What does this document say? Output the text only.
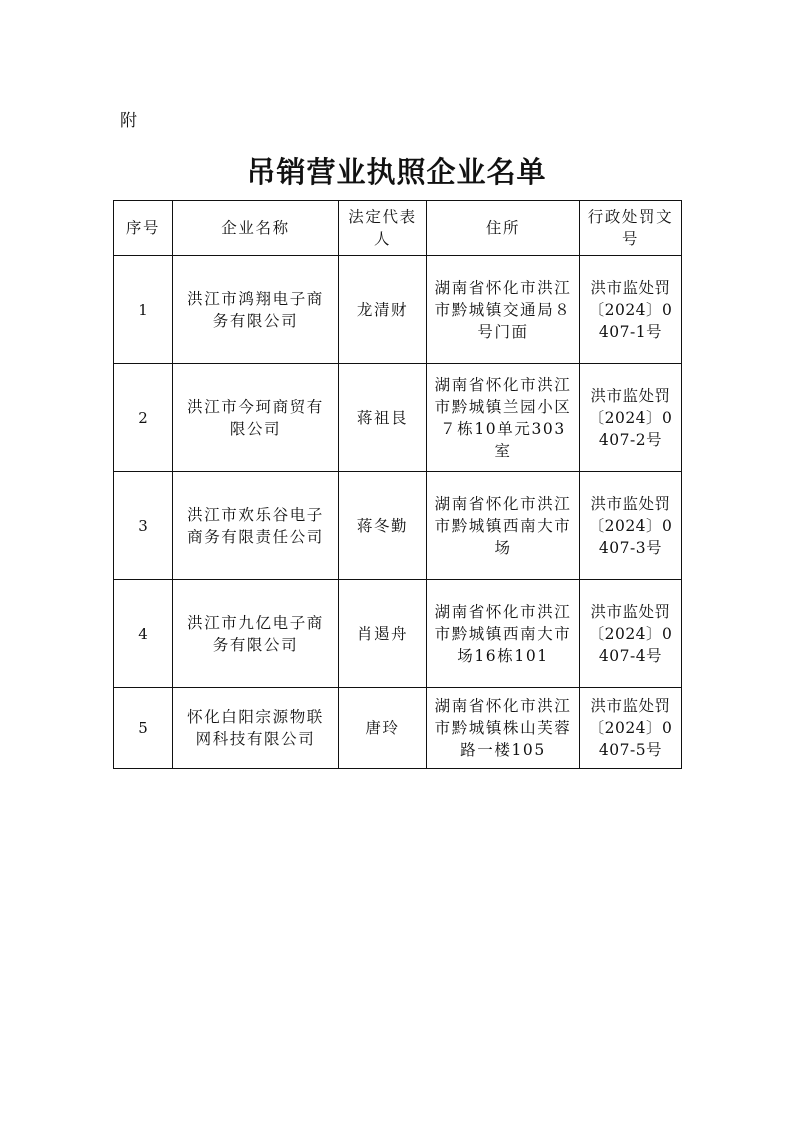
附
吊销营业执照企业名单
序号	企业名称	法定代表人	住所	行政处罚文号
1	洪江市鸿翔电子商务有限公司	龙清财	湖南省怀化市洪江市黔城镇交通局８号门面	洪市监处罚〔2024〕0407-1号
2	洪江市今珂商贸有限公司	蒋祖艮	湖南省怀化市洪江市黔城镇兰园小区７栋10单元303室	洪市监处罚〔2024〕0407-2号
3	洪江市欢乐谷电子商务有限责任公司	蒋冬勤	湖南省怀化市洪江市黔城镇西南大市场	洪市监处罚〔2024〕0407-3号
4	洪江市九亿电子商务有限公司	肖遏舟	湖南省怀化市洪江市黔城镇西南大市场16栋101	洪市监处罚〔2024〕0407-4号
5	怀化白阳宗源物联网科技有限公司	唐玲	湖南省怀化市洪江市黔城镇株山芙蓉路一楼105	洪市监处罚〔2024〕0407-5号
